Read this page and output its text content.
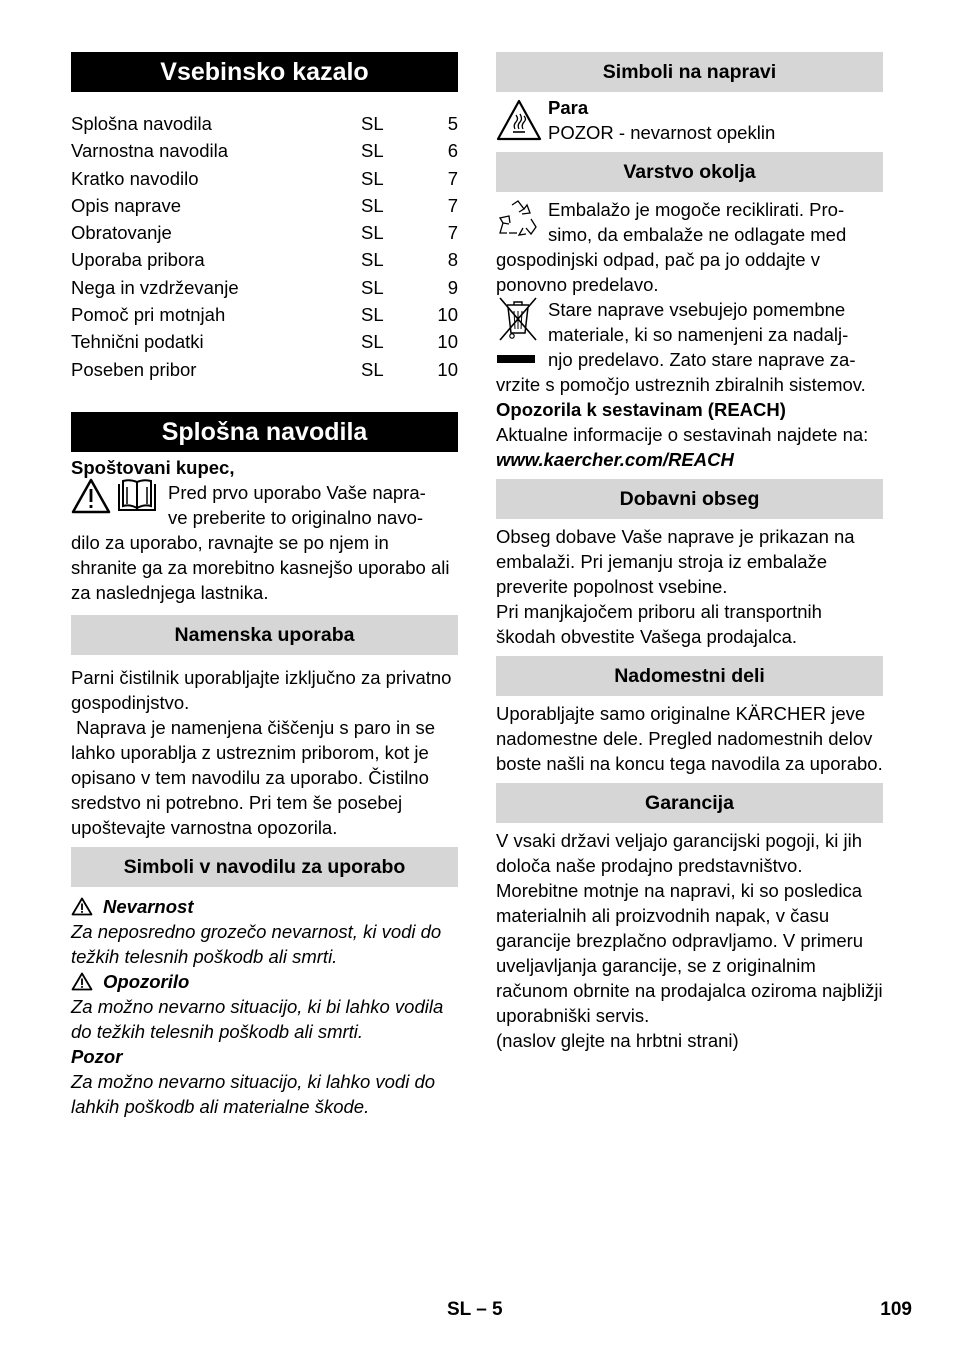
Vsebinsko kazalo
Splošna navodila	SL	5
Varnostna navodila	SL	6
Kratko navodilo	SL	7
Opis naprave	SL	7
Obratovanje	SL	7
Uporaba pribora	SL	8
Nega in vzdrževanje	SL	9
Pomoč pri motnjah	SL	10
Tehnični podatki	SL	10
Poseben pribor	SL	10
Splošna navodila

Spoštovani kupec,

Pred prvo uporabo Vaše napra-

ve preberite to originalno navo-

dilo za uporabo, ravnajte se po njem in shranite ga za morebitno kasnejšo uporabo ali za naslednjega lastnika.

Namenska uporaba

Parni čistilnik uporabljajte izključno za privatno gospodinjstvo.

Naprava je namenjena čiščenju s paro in se lahko uporablja z ustreznim priborom, kot je opisano v tem navodilu za uporabo. Čistilno sredstvo ni potrebno. Pri tem še posebej upoštevajte varnostna opozorila.

Simboli v navodilu za uporabo
Nevarnost

Za neposredno grozečo nevarnost, ki vodi do težkih telesnih poškodb ali smrti.

Opozorilo

Za možno nevarno situacijo, ki bi lahko vodila do težkih telesnih poškodb ali smrti.

Pozor

Za možno nevarno situacijo, ki lahko vodi do lahkih poškodb ali materialne škode.

Simboli na napravi

Para

POZOR - nevarnost opeklin

Varstvo okolja

Embalažo je mogoče reciklirati. Pro-

simo, da embalaže ne odlagate med

gospodinjski odpad, pač pa jo oddajte v ponovno predelavo.

Stare naprave vsebujejo pomembne

materiale, ki so namenjeni za nadalj-

njo predelavo. Zato stare naprave za-

vrzite s pomočjo ustreznih zbiralnih sistemov.

Opozorila k sestavinam (REACH)

Aktualne informacije o sestavinah najdete na:

www.kaercher.com/REACH

Dobavni obseg

Obseg dobave Vaše naprave je prikazan na embalaži. Pri jemanju stroja iz embalaže preverite popolnost vsebine.

Pri manjkajočem priboru ali transportnih škodah obvestite Vašega prodajalca.

Nadomestni deli

Uporabljajte samo originalne KÄRCHER jeve nadomestne dele. Pregled nadomestnih delov boste našli na koncu tega navodila za uporabo.

Garancija

V vsaki državi veljajo garancijski pogoji, ki jih določa naše prodajno predstavništvo. Morebitne motnje na napravi, ki so posledica materialnih ali proizvodnih napak, v času garancije brezplačno odpravljamo. V primeru uveljavljanja garancije, se z originalnim računom obrnite na prodajalca oziroma najbližji uporabniški servis.

(naslov glejte na hrbtni strani)

SL – 5	109
